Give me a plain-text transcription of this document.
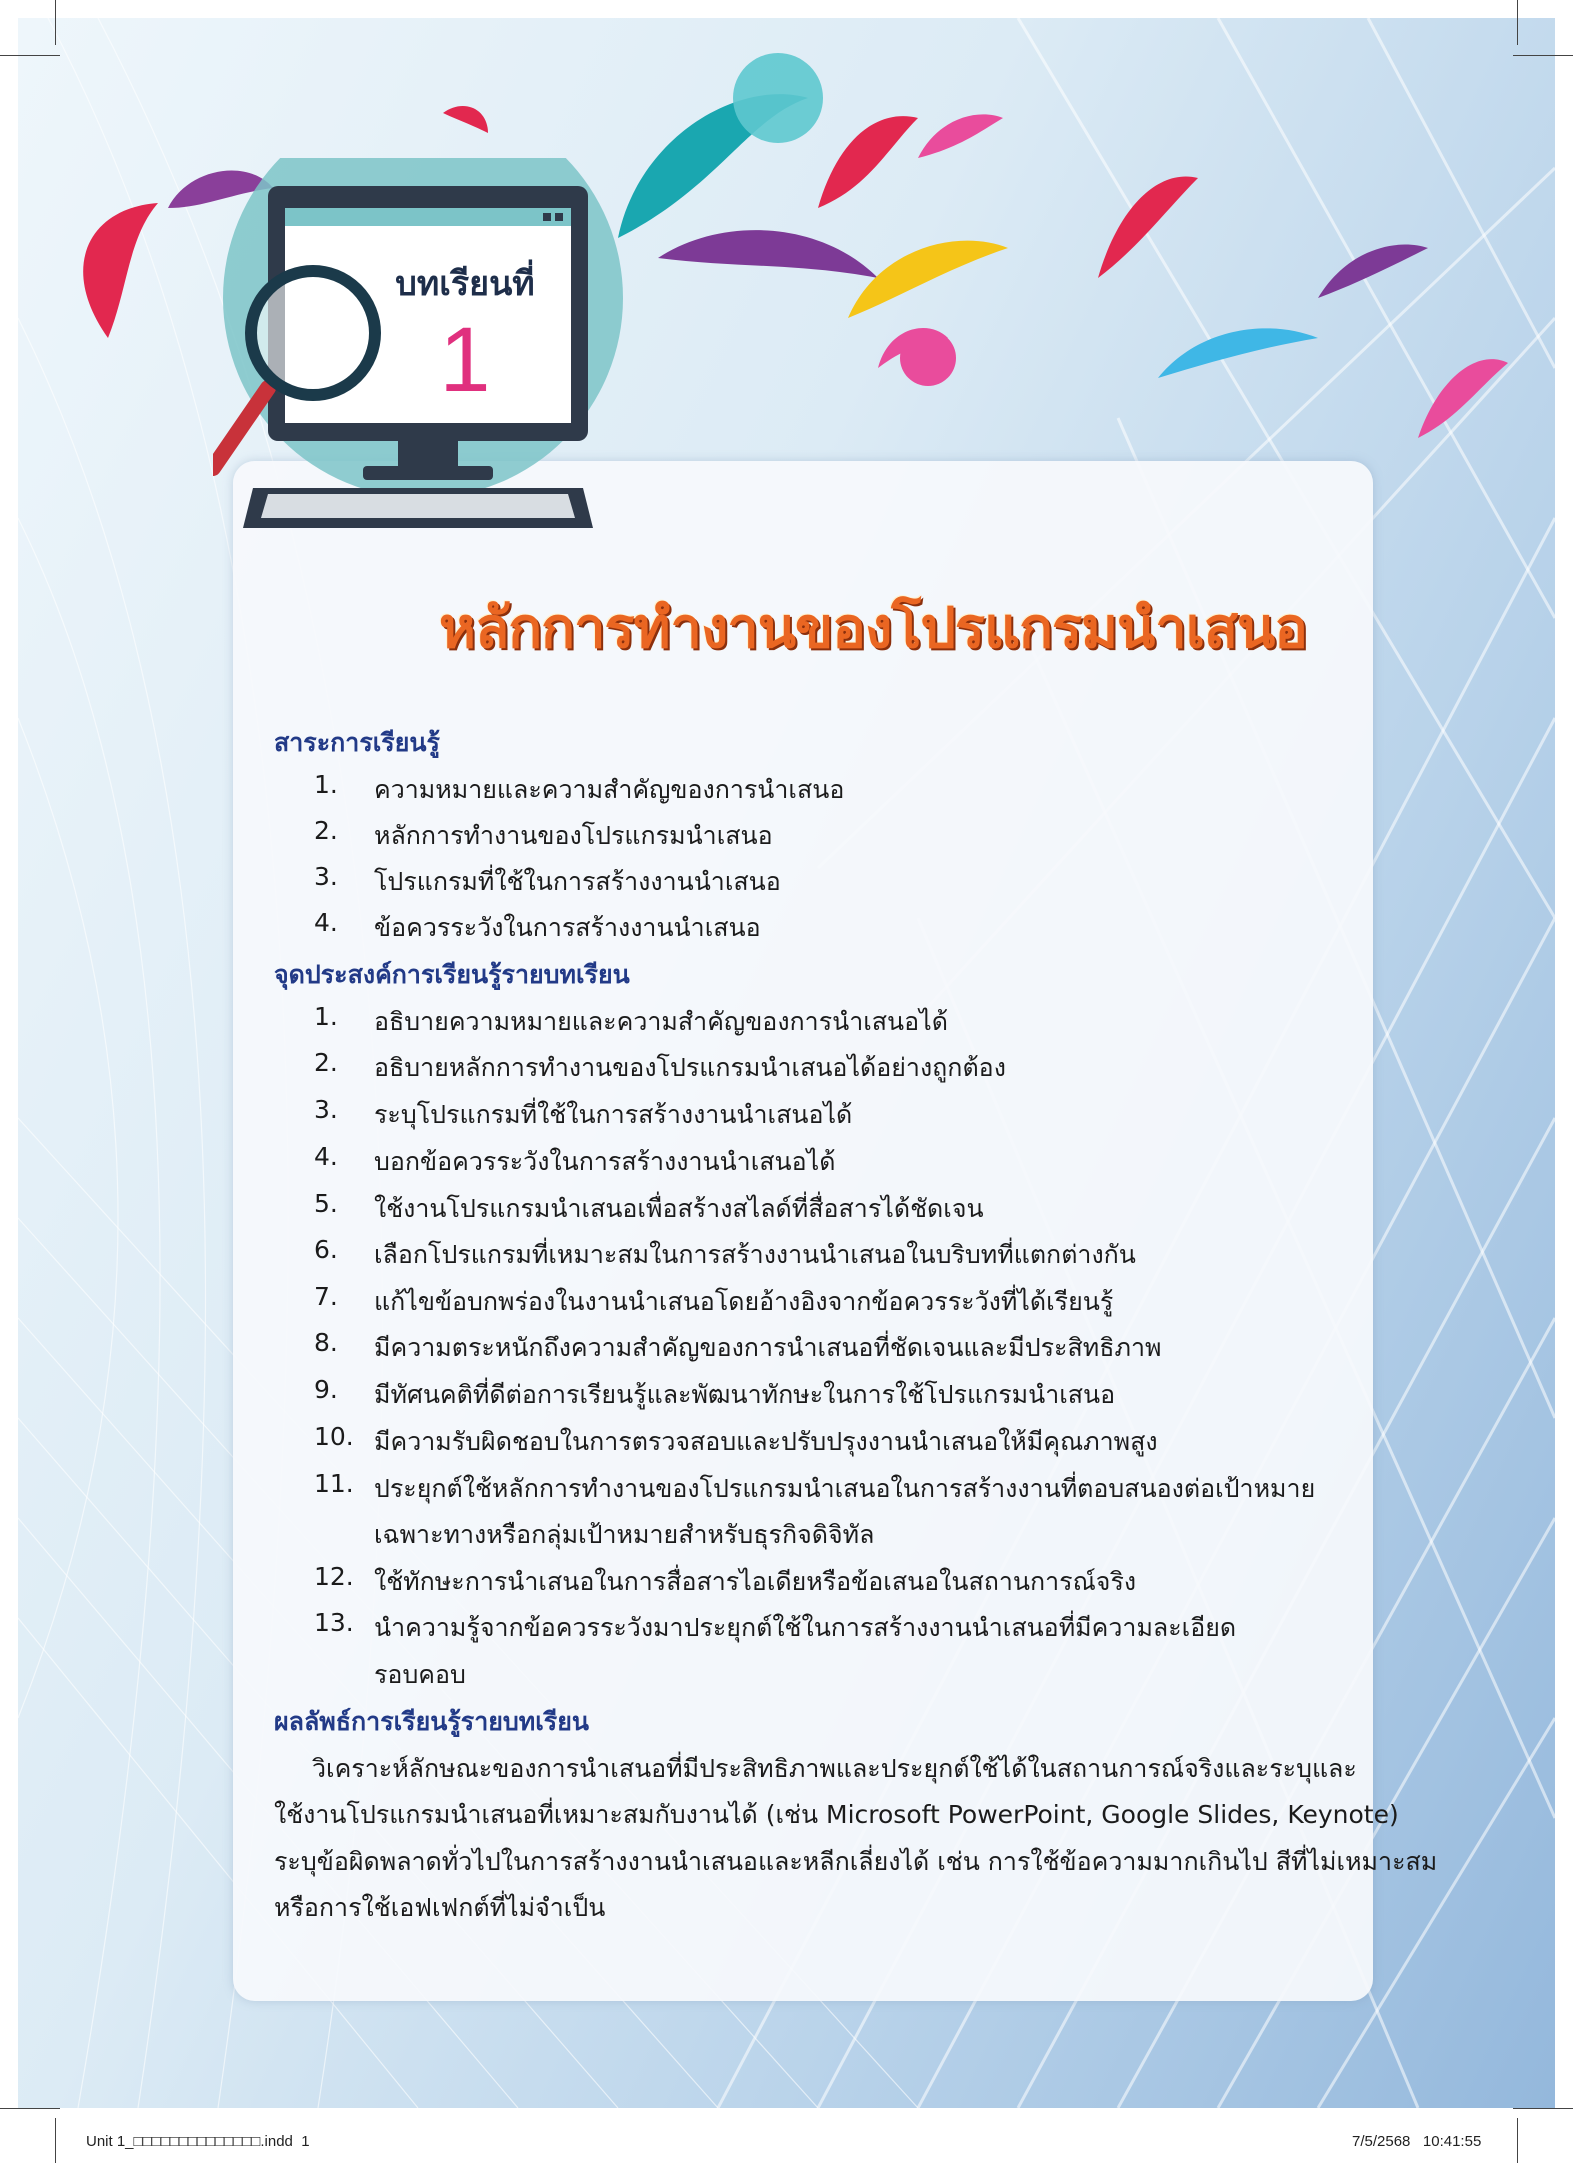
บทเรียนที่
1
หลักการทำงานของโปรแกรมนำเสนอ
สาระการเรียนรู้
1. ความหมายและความสำคัญของการนำเสนอ
2. หลักการทำงานของโปรแกรมนำเสนอ
3. โปรแกรมที่ใช้ในการสร้างงานนำเสนอ
4. ข้อควรระวังในการสร้างงานนำเสนอ
จุดประสงค์การเรียนรู้รายบทเรียน
1. อธิบายความหมายและความสำคัญของการนำเสนอได้
2. อธิบายหลักการทำงานของโปรแกรมนำเสนอได้อย่างถูกต้อง
3. ระบุโปรแกรมที่ใช้ในการสร้างงานนำเสนอได้
4. บอกข้อควรระวังในการสร้างงานนำเสนอได้
5. ใช้งานโปรแกรมนำเสนอเพื่อสร้างสไลด์ที่สื่อสารได้ชัดเจน
6. เลือกโปรแกรมที่เหมาะสมในการสร้างงานนำเสนอในบริบทที่แตกต่างกัน
7. แก้ไขข้อบกพร่องในงานนำเสนอโดยอ้างอิงจากข้อควรระวังที่ได้เรียนรู้
8. มีความตระหนักถึงความสำคัญของการนำเสนอที่ชัดเจนและมีประสิทธิภาพ
9. มีทัศนคติที่ดีต่อการเรียนรู้และพัฒนาทักษะในการใช้โปรแกรมนำเสนอ
10. มีความรับผิดชอบในการตรวจสอบและปรับปรุงงานนำเสนอให้มีคุณภาพสูง
11. ประยุกต์ใช้หลักการทำงานของโปรแกรมนำเสนอในการสร้างงานที่ตอบสนองต่อเป้าหมาย
เฉพาะทางหรือกลุ่มเป้าหมายสำหรับธุรกิจดิจิทัล
12. ใช้ทักษะการนำเสนอในการสื่อสารไอเดียหรือข้อเสนอในสถานการณ์จริง
13. นำความรู้จากข้อควรระวังมาประยุกต์ใช้ในการสร้างงานนำเสนอที่มีความละเอียด
รอบคอบ
ผลลัพธ์การเรียนรู้รายบทเรียน
วิเคราะห์ลักษณะของการนำเสนอที่มีประสิทธิภาพและประยุกต์ใช้ได้ในสถานการณ์จริงและระบุและ
ใช้งานโปรแกรมนำเสนอที่เหมาะสมกับงานได้ (เช่น Microsoft PowerPoint, Google Slides, Keynote)
ระบุข้อผิดพลาดทั่วไปในการสร้างงานนำเสนอและหลีกเลี่ยงได้ เช่น การใช้ข้อความมากเกินไป สีที่ไม่เหมาะสม
หรือการใช้เอฟเฟกต์ที่ไม่จำเป็น
Unit 1_□□□□□□□□□□□□□□.indd 1	7/5/2568   10:41:55
